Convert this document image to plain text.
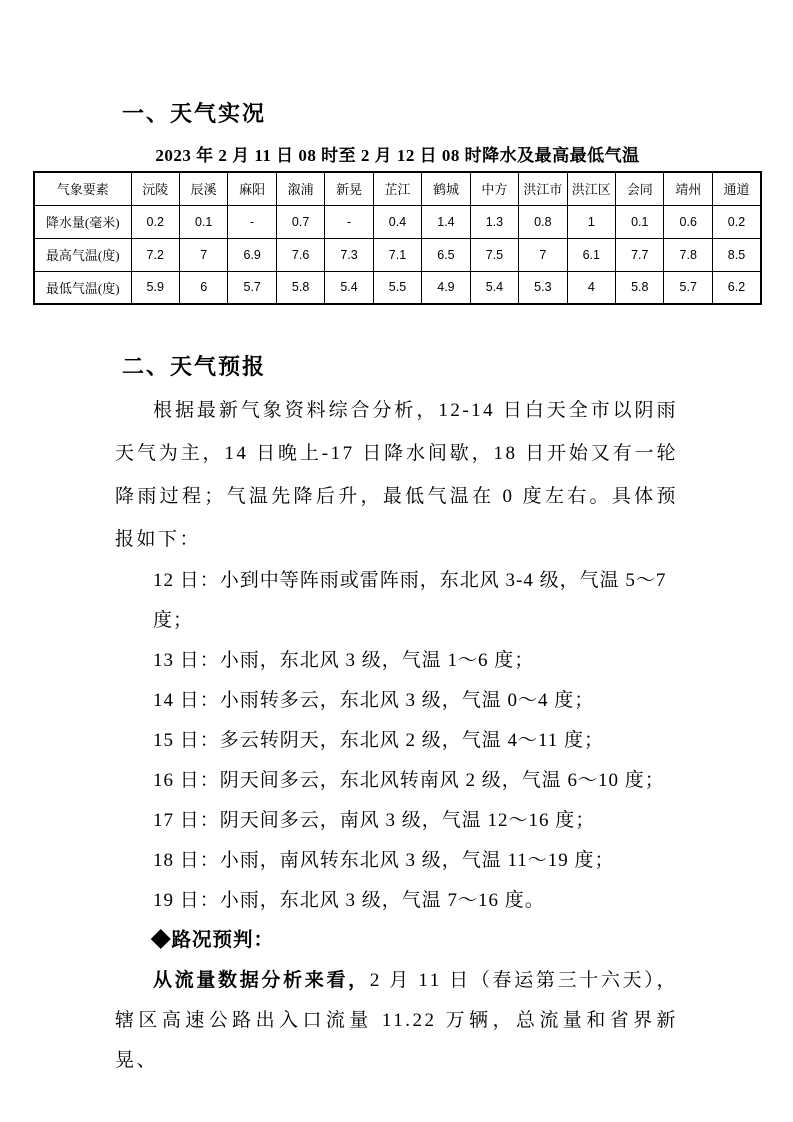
一、天气实况
2023 年 2 月 11 日 08 时至 2 月 12 日 08 时降水及最高最低气温
气象要素	沅陵	辰溪	麻阳	溆浦	新晃	芷江	鹤城	中方	洪江市	洪江区	会同	靖州	通道
降水量(毫米)	0.2	0.1	-	0.7	-	0.4	1.4	1.3	0.8	1	0.1	0.6	0.2
最高气温(度)	7.2	7	6.9	7.6	7.3	7.1	6.5	7.5	7	6.1	7.7	7.8	8.5
最低气温(度)	5.9	6	5.7	5.8	5.4	5.5	4.9	5.4	5.3	4	5.8	5.7	6.2
二、天气预报

根据最新气象资料综合分析，12-14 日白天全市以阴雨天气为主，14 日晚上-17 日降水间歇，18 日开始又有一轮降雨过程；气温先降后升，最低气温在 0 度左右。具体预报如下：

12 日：小到中等阵雨或雷阵雨，东北风 3-4 级，气温 5～7 度；
13 日：小雨，东北风 3 级，气温 1～6 度；
14 日：小雨转多云，东北风 3 级，气温 0～4 度；
15 日：多云转阴天，东北风 2 级，气温 4～11 度；
16 日：阴天间多云，东北风转南风 2 级，气温 6～10 度；
17 日：阴天间多云，南风 3 级，气温 12～16 度；
18 日：小雨，南风转东北风 3 级，气温 11～19 度；
19 日：小雨，东北风 3 级，气温 7～16 度。
◆路况预判：

从流量数据分析来看，2 月 11 日（春运第三十六天），辖区高速公路出入口流量 11.22 万辆，总流量和省界新晃、
